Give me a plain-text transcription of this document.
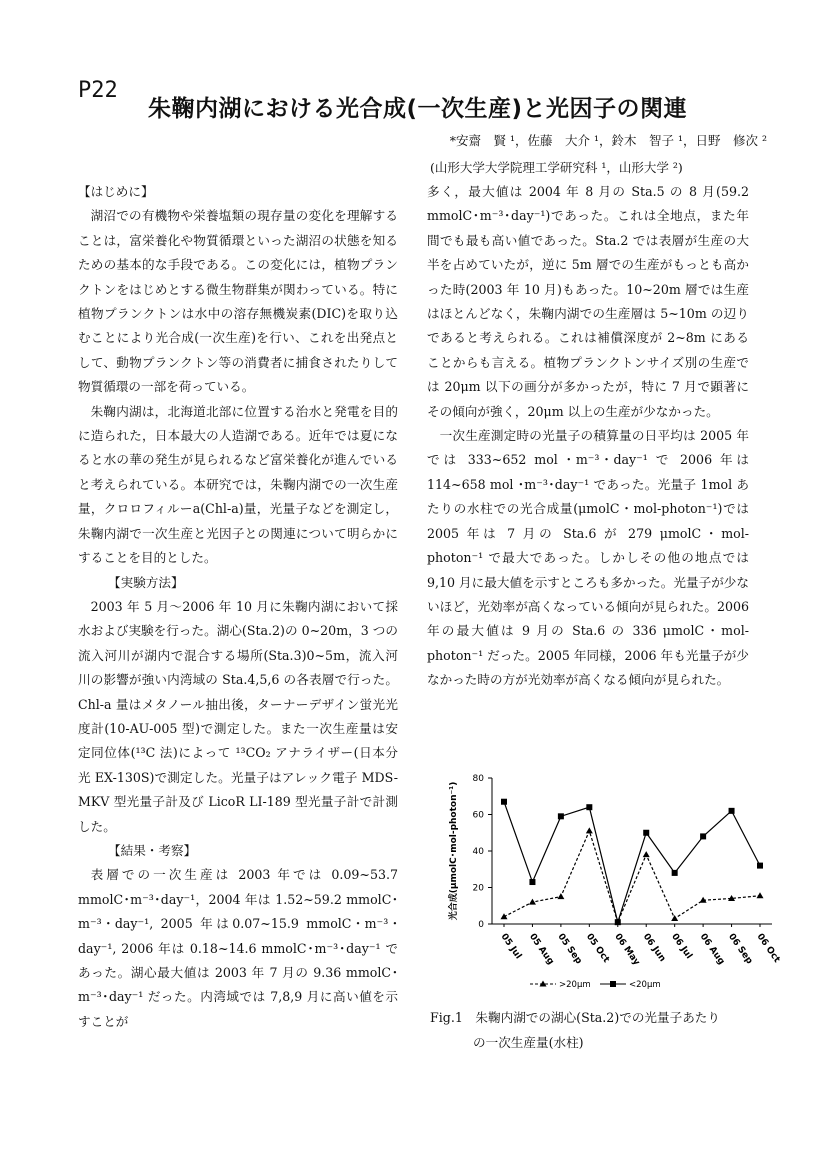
P22
朱鞠内湖における光合成(一次生産)と光因子の関連
*安齋　賢 ¹，佐藤　大介 ¹，鈴木　智子 ¹，日野　修次 ²
(山形大学大学院理工学研究科 ¹，山形大学 ²)

【はじめに】

湖沼での有機物や栄養塩類の現存量の変化を理解することは，富栄養化や物質循環といった湖沼の状態を知るための基本的な手段である。この変化には，植物プランクトンをはじめとする微生物群集が関わっている。特に植物プランクトンは水中の溶存無機炭素(DIC)を取り込むことにより光合成(一次生産)を行い、これを出発点として、動物プランクトン等の消費者に捕食されたりして物質循環の一部を荷っている。

朱鞠内湖は，北海道北部に位置する治水と発電を目的に造られた，日本最大の人造湖である。近年では夏になると水の華の発生が見られるなど富栄養化が進んでいると考えられている。本研究では，朱鞠内湖での一次生産量，クロロフィルーa(Chl-a)量，光量子などを測定し，朱鞠内湖で一次生産と光因子との関連について明らかにすることを目的とした。

【実験方法】

2003 年 5 月～2006 年 10 月に朱鞠内湖において採水および実験を行った。湖心(Sta.2)の 0~20m，3 つの流入河川が湖内で混合する場所(Sta.3)0~5m，流入河川の影響が強い内湾域の Sta.4,5,6 の各表層で行った。Chl-a 量はメタノール抽出後，ターナーデザイン蛍光光度計(10-AU-005 型)で測定した。また一次生産量は安定同位体(¹³C 法)によって ¹³CO₂ アナライザー(日本分光 EX-130S)で測定した。光量子はアレック電子 MDS-MKV 型光量子計及び LicoR LI-189 型光量子計で計測した。

【結果・考察】

表層での一次生産は 2003 年では 0.09~53.7 mmolC･m⁻³･day⁻¹，2004 年は 1.52~59.2 mmolC･m⁻³･day⁻¹, 2005 年は0.07~15.9 mmolC･m⁻³･day⁻¹, 2006 年は 0.18~14.6 mmolC･m⁻³･day⁻¹ であった。湖心最大値は 2003 年 7 月の 9.36 mmolC･m⁻³･day⁻¹ だった。内湾域では 7,8,9 月に高い値を示すことが

多く，最大値は 2004 年 8 月の Sta.5 の 8 月(59.2 mmolC･m⁻³･day⁻¹)であった。これは全地点，また年間でも最も高い値であった。Sta.2 では表層が生産の大半を占めていたが，逆に 5m 層での生産がもっとも高かった時(2003 年 10 月)もあった。10~20m 層では生産はほとんどなく，朱鞠内湖での生産層は 5~10m の辺りであると考えられる。これは補償深度が 2~8m にあることからも言える。植物プランクトンサイズ別の生産では 20μm 以下の画分が多かったが，特に 7 月で顕著にその傾向が強く，20μm 以上の生産が少なかった。

一次生産測定時の光量子の積算量の日平均は 2005 年では 333~652 mol ･m⁻³･day⁻¹ で 2006 年は 114~658 mol ･m⁻³･day⁻¹ であった。光量子 1mol あたりの水柱での光合成量(μmolC・mol-photon⁻¹)では 2005 年は 7 月の Sta.6 が 279 μmolC・mol-photon⁻¹ で最大であった。しかしその他の地点では 9,10 月に最大値を示すところも多かった。光量子が少ないほど，光効率が高くなっている傾向が見られた。2006 年の最大値は 9 月の Sta.6 の 336 μmolC・mol-photon⁻¹ だった。2005 年同様，2006 年も光量子が少なかった時の方が光効率が高くなる傾向が見られた。

0
20
40
60
80
05 Jul 05 Aug 05 Sep 05 Oct 06 May 06 Jun 06 Jul 06 Aug 06 Sep 06 Oct
光合成(μmolC･mol-photon⁻¹)
>20μm	<20μm
Fig.1　朱鞠内湖での湖心(Sta.2)での光量子あたり
の一次生産量(水柱)
